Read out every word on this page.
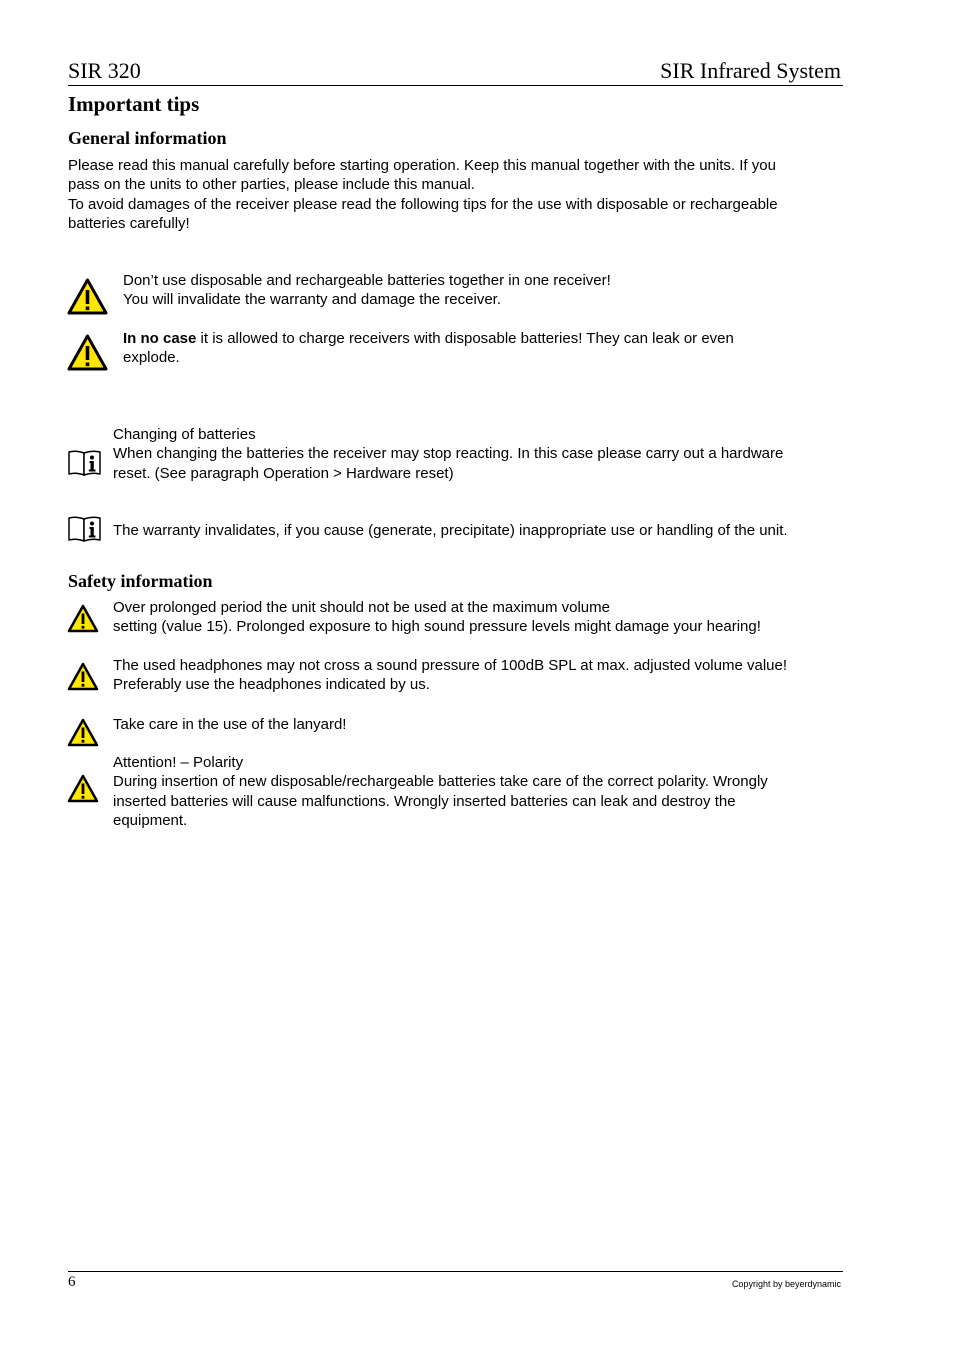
SIR 320	SIR Infrared System
Important tips
General information
Please read this manual carefully before starting operation. Keep this manual together with the units. If you
pass on the units to other parties, please include this manual.
To avoid damages of the receiver please read the following tips for the use with disposable or rechargeable
batteries carefully!
Don’t use disposable and rechargeable batteries together in one receiver!
You will invalidate the warranty and damage the receiver.
In no case it is allowed to charge receivers with disposable batteries! They can leak or even
explode.
Changing of batteries
When changing the batteries the receiver may stop reacting. In this case please carry out a hardware
reset. (See paragraph Operation > Hardware reset)
The warranty invalidates, if you cause (generate, precipitate) inappropriate use or handling of the unit.
Safety information
Over prolonged period the unit should not be used at the maximum volume
setting (value 15). Prolonged exposure to high sound pressure levels might damage your hearing!
The used headphones may not cross a sound pressure of 100dB SPL at max. adjusted volume value!
Preferably use the headphones indicated by us.
Take care in the use of the lanyard!
Attention! – Polarity
During insertion of new disposable/rechargeable batteries take care of the correct polarity. Wrongly
inserted batteries will cause malfunctions. Wrongly inserted batteries can leak and destroy the
equipment.
6	Copyright by beyerdynamic
